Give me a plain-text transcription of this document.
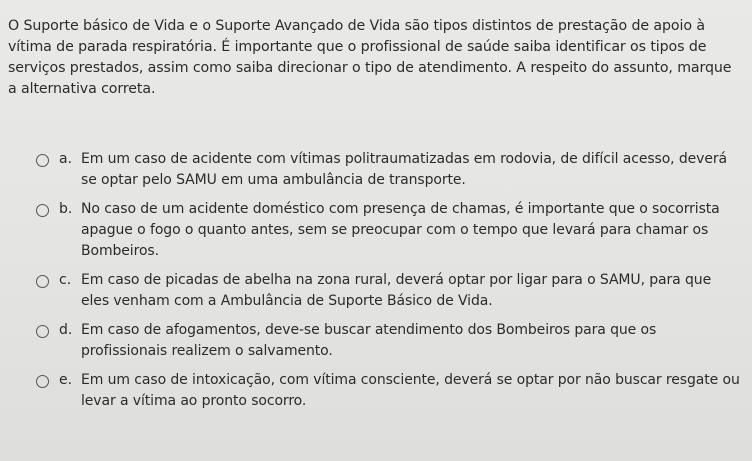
O Suporte básico de Vida e o Suporte Avançado de Vida são tipos distintos de prestação de apoio à vítima de parada respiratória. É importante que o profissional de saúde saiba identificar os tipos de serviços prestados, assim como saiba direcionar o tipo de atendimento. A respeito do assunto, marque a alternativa correta.

a. Em um caso de acidente com vítimas politraumatizadas em rodovia, de difícil acesso, deverá se optar pelo SAMU em uma ambulância de transporte.
b. No caso de um acidente doméstico com presença de chamas, é importante que o socorrista apague o fogo o quanto antes, sem se preocupar com o tempo que levará para chamar os Bombeiros.
c. Em caso de picadas de abelha na zona rural, deverá optar por ligar para o SAMU, para que eles venham com a Ambulância de Suporte Básico de Vida.
d. Em caso de afogamentos, deve-se buscar atendimento dos Bombeiros para que os profissionais realizem o salvamento.
e. Em um caso de intoxicação, com vítima consciente, deverá se optar por não buscar resgate ou levar a vítima ao pronto socorro.
